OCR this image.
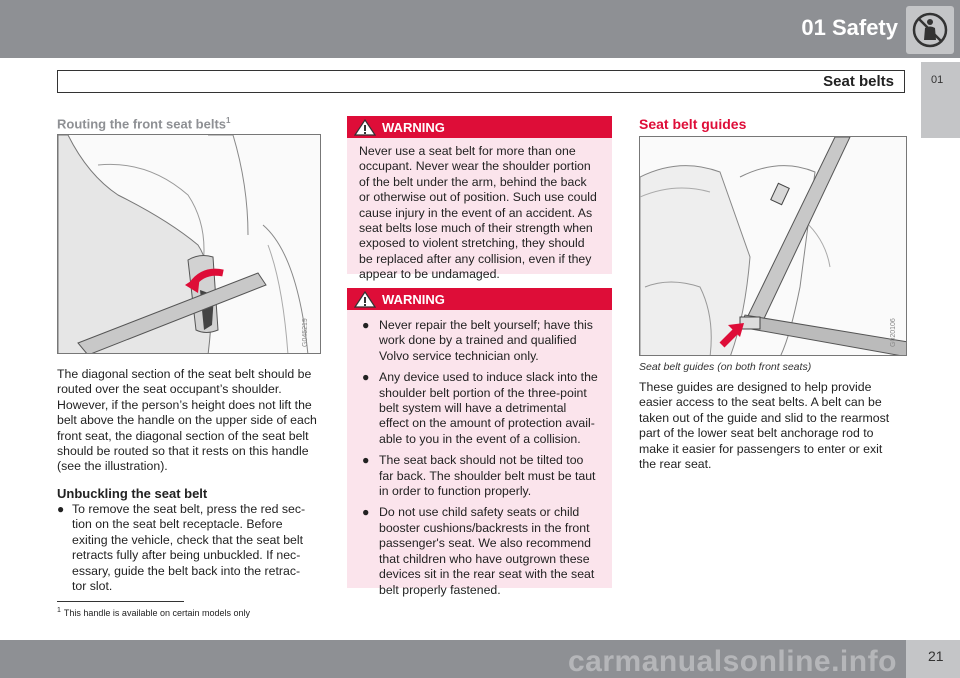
01 Safety
Seat belts	01
Routing the front seat belts$^1$
G045219
The diagonal section of the seat belt should be
routed over the seat occupant’s shoulder.
However, if the person’s height does not lift the
belt above the handle on the upper side of each
front seat, the diagonal section of the seat belt
should be routed so that it rests on this handle
(see the illustration).
Unbuckling the seat belt
● To remove the seat belt, press the red sec-
tion on the seat belt receptacle. Before
exiting the vehicle, check that the seat belt
retracts fully after being unbuckled. If nec-
essary, guide the belt back into the retrac-
tor slot.
WARNING
Never use a seat belt for more than one
occupant. Never wear the shoulder portion
of the belt under the arm, behind the back
or otherwise out of position. Such use could
cause injury in the event of an accident. As
seat belts lose much of their strength when
exposed to violent stretching, they should
be replaced after any collision, even if they
appear to be undamaged.
WARNING
● Never repair the belt yourself; have this
work done by a trained and qualified
Volvo service technician only.
● Any device used to induce slack into the
shoulder belt portion of the three-point
belt system will have a detrimental
effect on the amount of protection avail-
able to you in the event of a collision.
● The seat back should not be tilted too
far back. The shoulder belt must be taut
in order to function properly.
● Do not use child safety seats or child
booster cushions/backrests in the front
passenger's seat. We also recommend
that children who have outgrown these
devices sit in the rear seat with the seat
belt properly fastened.
Seat belt guides
G020106
Seat belt guides (on both front seats)
These guides are designed to help provide
easier access to the seat belts. A belt can be
taken out of the guide and slid to the rearmost
part of the lower seat belt anchorage rod to
make it easier for passengers to enter or exit
the rear seat.
$^1$ This handle is available on certain models only
21
carmanualsonline.info
